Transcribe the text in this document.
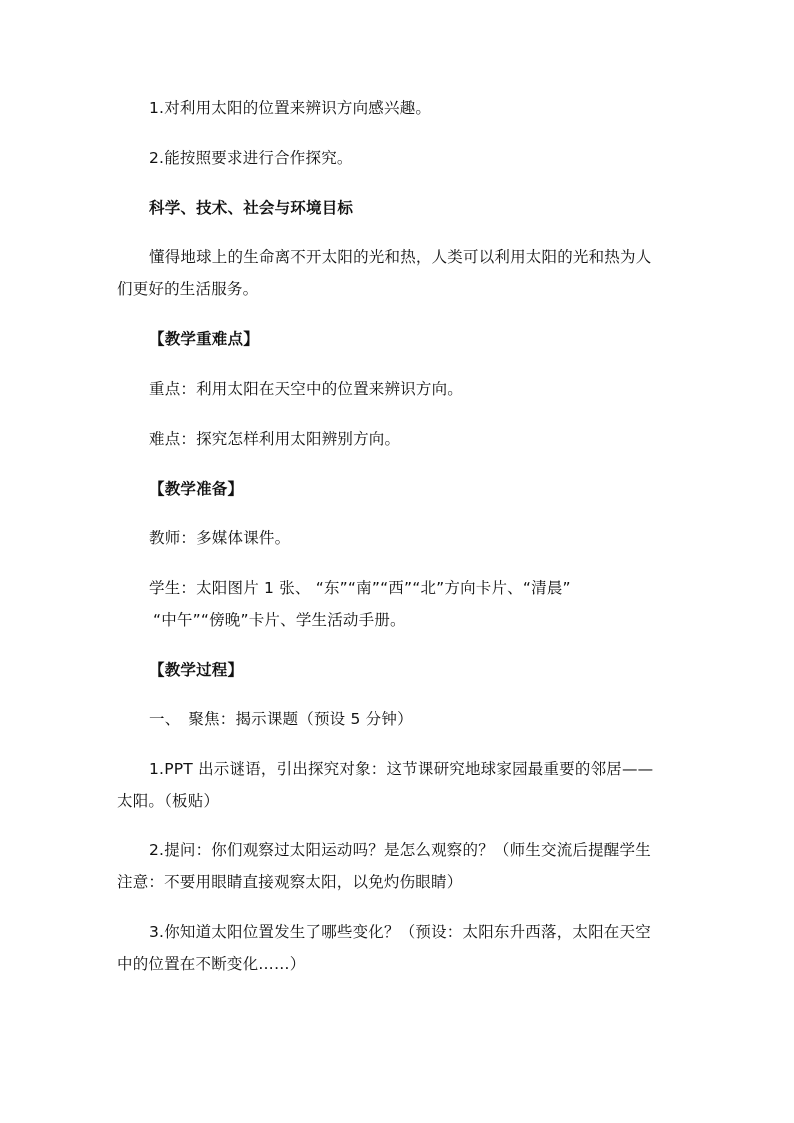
1.对利用太阳的位置来辨识方向感兴趣。
2.能按照要求进行合作探究。
科学、技术、社会与环境目标
懂得地球上的生命离不开太阳的光和热，人类可以利用太阳的光和热为人
们更好的生活服务。
【教学重难点】
重点：利用太阳在天空中的位置来辨识方向。
难点：探究怎样利用太阳辨别方向。
【教学准备】
教师：多媒体课件。
学生：太阳图片 1 张、 “东”“南”“西”“北”方向卡片、“清晨”
“中午”“傍晚”卡片、学生活动手册。
【教学过程】
一、　聚焦：揭示课题（预设 5 分钟）
1.PPT 出示谜语，引出探究对象：这节课研究地球家园最重要的邻居——
太阳。（板贴）
2.提问：你们观察过太阳运动吗？是怎么观察的？（师生交流后提醒学生
注意：不要用眼睛直接观察太阳，以免灼伤眼睛）
3.你知道太阳位置发生了哪些变化？（预设：太阳东升西落，太阳在天空
中的位置在不断变化……）
